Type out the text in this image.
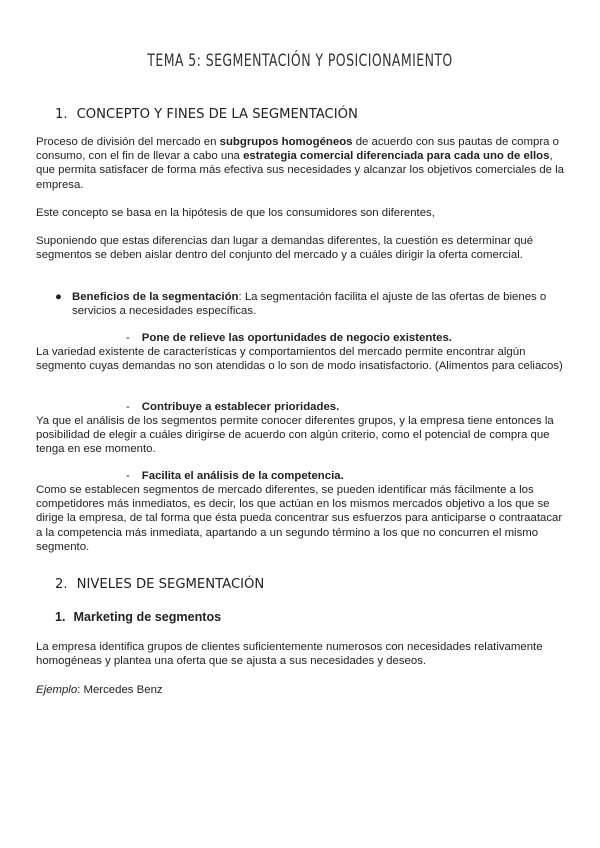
TEMA 5: SEGMENTACIÓN Y POSICIONAMIENTO
1. CONCEPTO Y FINES DE LA SEGMENTACIÓN

Proceso de división del mercado en subgrupos homogéneos de acuerdo con sus pautas de compra o consumo, con el fin de llevar a cabo una estrategia comercial diferenciada para cada uno de ellos, que permita satisfacer de forma más efectiva sus necesidades y alcanzar los objetivos comerciales de la empresa.

Este concepto se basa en la hipótesis de que los consumidores son diferentes,

Suponiendo que estas diferencias dan lugar a demandas diferentes, la cuestión es determinar qué segmentos se deben aislar dentro del conjunto del mercado y a cuáles dirigir la oferta comercial.

● Beneficios de la segmentación: La segmentación facilita el ajuste de las ofertas de bienes o servicios a necesidades específicas.
- Pone de relieve las oportunidades de negocio existentes.

La variedad existente de características y comportamientos del mercado permite encontrar algún segmento cuyas demandas no son atendidas o lo son de modo insatisfactorio. (Alimentos para celiacos)

- Contribuye a establecer prioridades.

Ya que el análisis de los segmentos permite conocer diferentes grupos, y la empresa tiene entonces la posibilidad de elegir a cuáles dirigirse de acuerdo con algún criterio, como el potencial de compra que tenga en ese momento.

- Facilita el análisis de la competencia.

Como se establecen segmentos de mercado diferentes, se pueden identificar más fácilmente a los competidores más inmediatos, es decir, los que actúan en los mismos mercados objetivo a los que se dirige la empresa, de tal forma que ésta pueda concentrar sus esfuerzos para anticiparse o contraatacar a la competencia más inmediata, apartando a un segundo término a los que no concurren el mismo segmento.

2. NIVELES DE SEGMENTACIÓN
1. Marketing de segmentos

La empresa identifica grupos de clientes suficientemente numerosos con necesidades relativamente homogéneas y plantea una oferta que se ajusta a sus necesidades y deseos.

Ejemplo: Mercedes Benz
